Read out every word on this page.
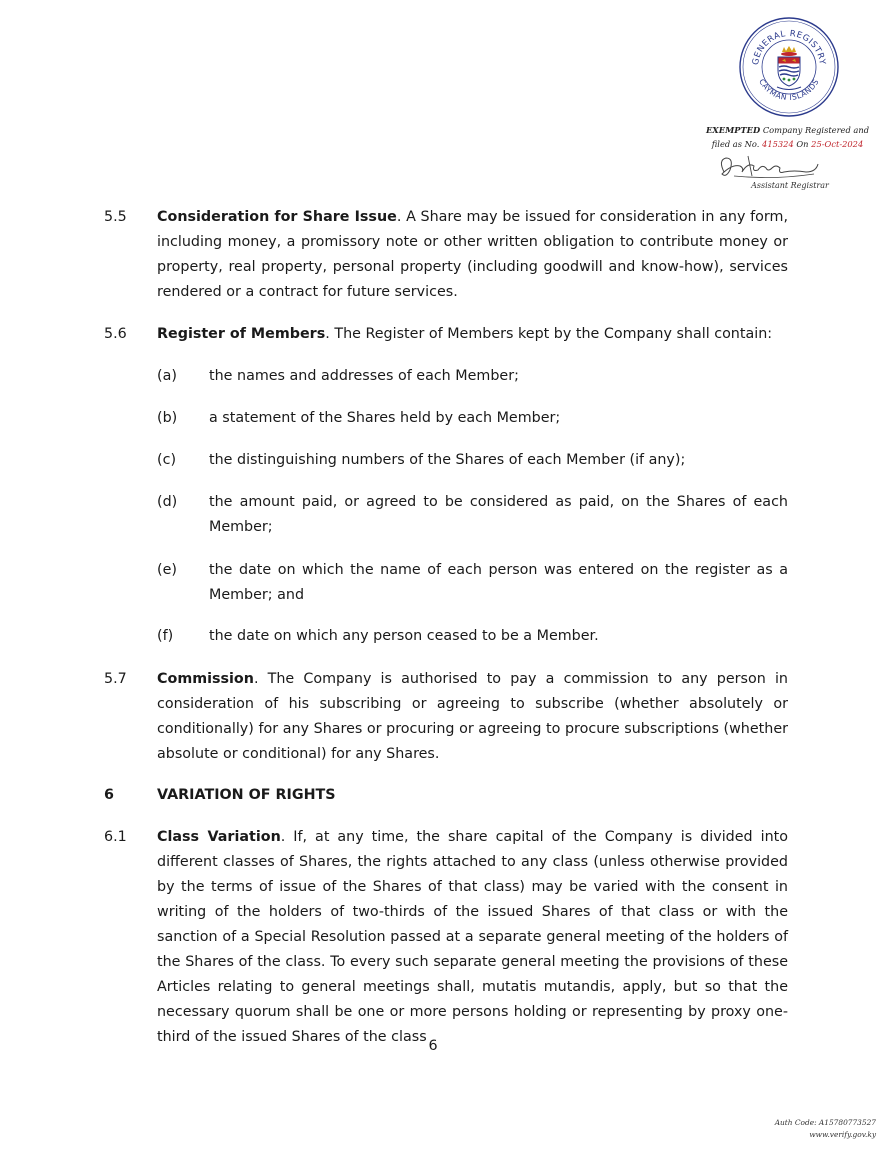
GENERAL REGISTRY
CAYMAN ISLANDS
EXEMPTED Company Registered and
filed as No. 415324 On 25-Oct-2024
Assistant Registrar
5.5 Consideration for Share Issue. A Share may be issued for consideration in any form, including money, a promissory note or other written obligation to contribute money or property, real property, personal property (including goodwill and know-how), services rendered or a contract for future services.
5.6 Register of Members. The Register of Members kept by the Company shall contain:
(a) the names and addresses of each Member;
(b) a statement of the Shares held by each Member;
(c) the distinguishing numbers of the Shares of each Member (if any);
(d) the amount paid, or agreed to be considered as paid, on the Shares of each Member;
(e) the date on which the name of each person was entered on the register as a Member; and
(f)	the date on which any person ceased to be a Member.
5.7 Commission. The Company is authorised to pay a commission to any person in consideration of his subscribing or agreeing to subscribe (whether absolutely or conditionally) for any Shares or procuring or agreeing to procure subscriptions (whether absolute or conditional) for any Shares.
6	VARIATION OF RIGHTS
6.1 Class Variation. If, at any time, the share capital of the Company is divided into different classes of Shares, the rights attached to any class (unless otherwise provided by the terms of issue of the Shares of that class) may be varied with the consent in writing of the holders of two-thirds of the issued Shares of that class or with the sanction of a Special Resolution passed at a separate general meeting of the holders of the Shares of the class. To every such separate general meeting the provisions of these Articles relating to general meetings shall, mutatis mutandis, apply, but so that the necessary quorum shall be one or more persons holding or representing by proxy one-third of the issued Shares of the class
6
Auth Code: A15780773527
www.verify.gov.ky
